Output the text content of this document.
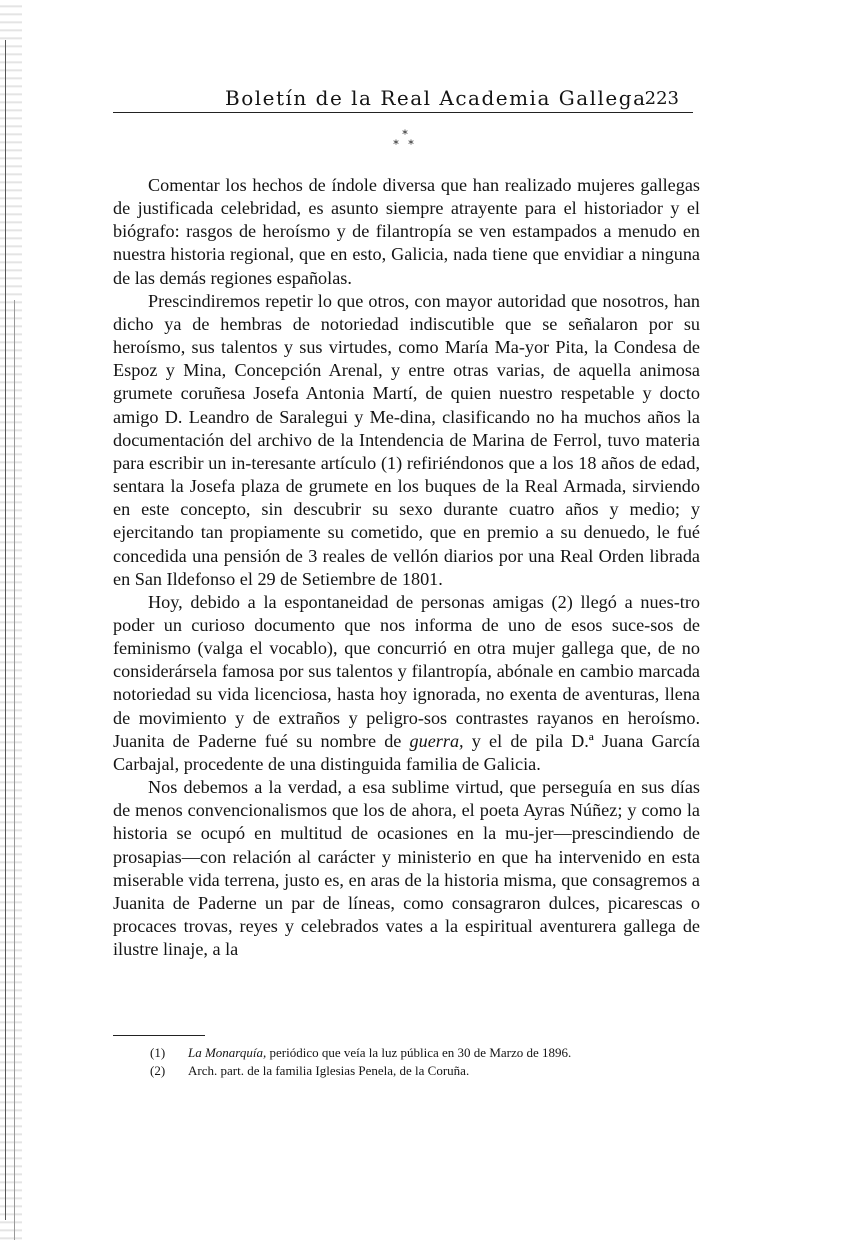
Boletín de la Real Academia Gallega
223
*
* *

Comentar los hechos de índole diversa que han realizado mujeres gallegas de justificada celebridad, es asunto siempre atrayente para el historiador y el biógrafo: rasgos de heroísmo y de filantropía se ven estampados a menudo en nuestra historia regional, que en esto, Galicia, nada tiene que envidiar a ninguna de las demás regiones españolas.

Prescindiremos repetir lo que otros, con mayor autoridad que nosotros, han dicho ya de hembras de notoriedad indiscutible que se señalaron por su heroísmo, sus talentos y sus virtudes, como María Ma-yor Pita, la Condesa de Espoz y Mina, Concepción Arenal, y entre otras varias, de aquella animosa grumete coruñesa Josefa Antonia Martí, de quien nuestro respetable y docto amigo D. Leandro de Saralegui y Me-dina, clasificando no ha muchos años la documentación del archivo de la Intendencia de Marina de Ferrol, tuvo materia para escribir un in-teresante artículo (1) refiriéndonos que a los 18 años de edad, sentara la Josefa plaza de grumete en los buques de la Real Armada, sirviendo en este concepto, sin descubrir su sexo durante cuatro años y medio; y ejercitando tan propiamente su cometido, que en premio a su denuedo, le fué concedida una pensión de 3 reales de vellón diarios por una Real Orden librada en San Ildefonso el 29 de Setiembre de 1801.

Hoy, debido a la espontaneidad de personas amigas (2) llegó a nues-tro poder un curioso documento que nos informa de uno de esos suce-sos de feminismo (valga el vocablo), que concurrió en otra mujer gallega que, de no considerársela famosa por sus talentos y filantropía, abónale en cambio marcada notoriedad su vida licenciosa, hasta hoy ignorada, no exenta de aventuras, llena de movimiento y de extraños y peligro-sos contrastes rayanos en heroísmo. Juanita de Paderne fué su nombre de guerra, y el de pila D.ª Juana García Carbajal, procedente de una distinguida familia de Galicia.

Nos debemos a la verdad, a esa sublime virtud, que perseguía en sus días de menos convencionalismos que los de ahora, el poeta Ayras Núñez; y como la historia se ocupó en multitud de ocasiones en la mu-jer—prescindiendo de prosapias—con relación al carácter y ministerio en que ha intervenido en esta miserable vida terrena, justo es, en aras de la historia misma, que consagremos a Juanita de Paderne un par de líneas, como consagraron dulces, picarescas o procaces trovas, reyes y celebrados vates a la espiritual aventurera gallega de ilustre linaje, a la

(1)	La Monarquía, periódico que veía la luz pública en 30 de Marzo de 1896.
(2)	Arch. part. de la familia Iglesias Penela, de la Coruña.
